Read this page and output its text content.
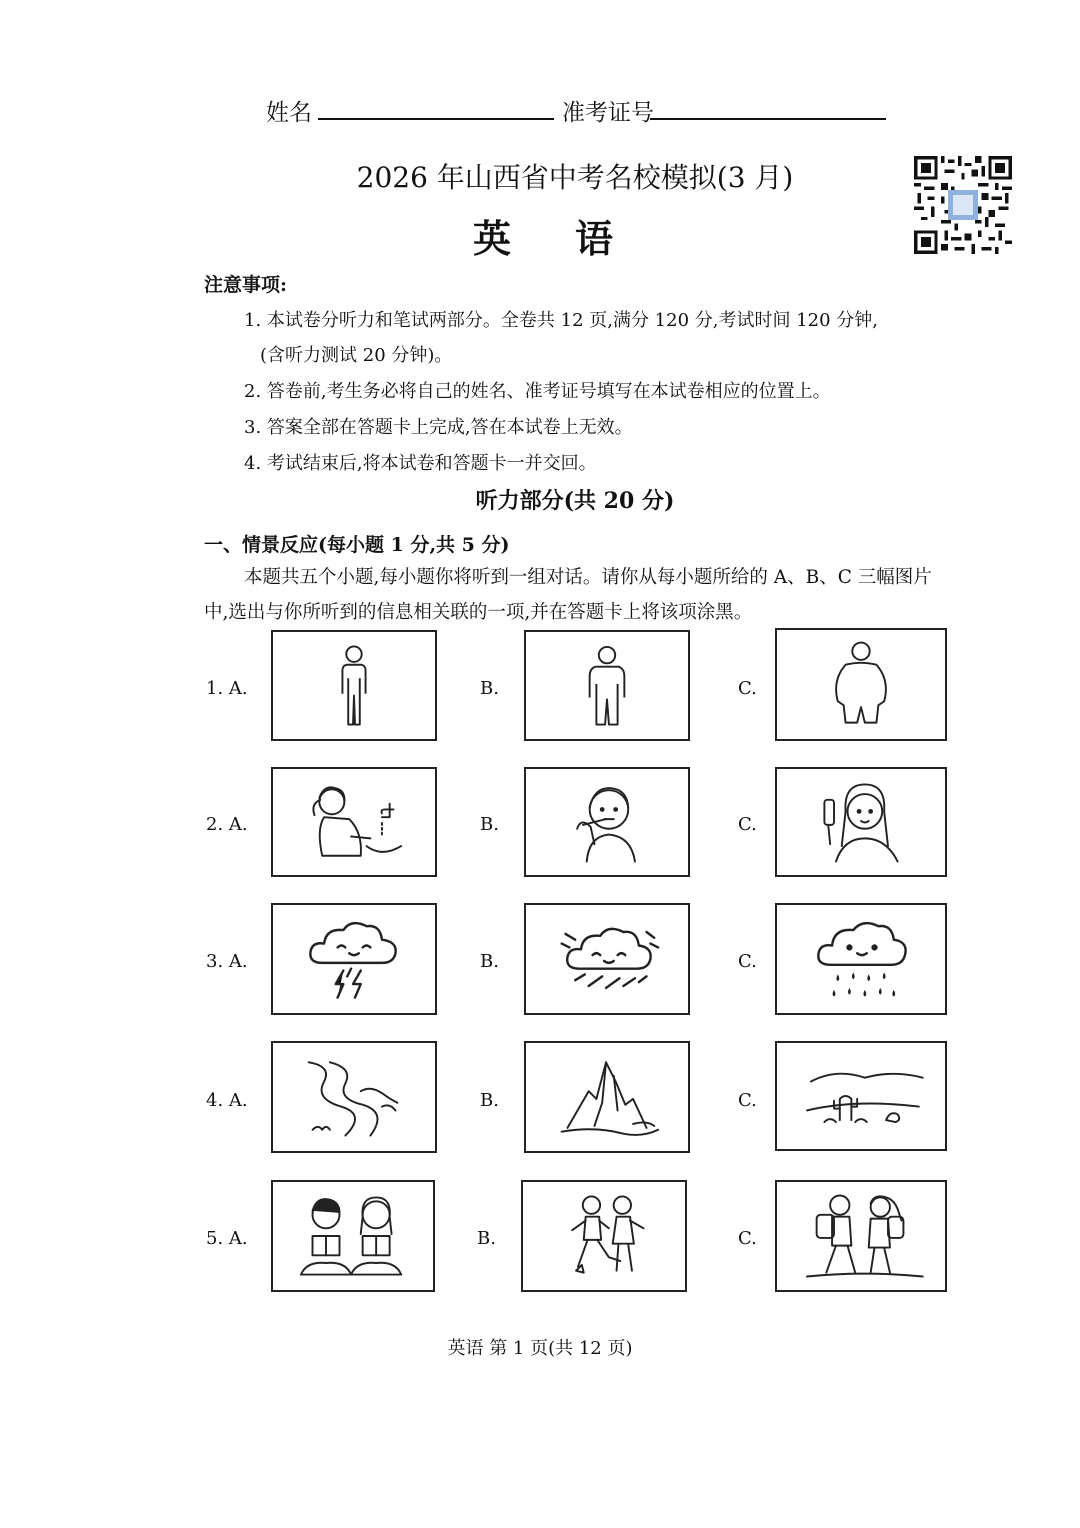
姓名	准考证号
2026 年山西省中考名校模拟(3 月)
英语
注意事项:
1. 本试卷分听力和笔试两部分。全卷共 12 页,满分 120 分,考试时间 120 分钟,
(含听力测试 20 分钟)。
2. 答卷前,考生务必将自己的姓名、准考证号填写在本试卷相应的位置上。
3. 答案全部在答题卡上完成,答在本试卷上无效。
4. 考试结束后,将本试卷和答题卡一并交回。
听力部分(共 20 分)
一、情景反应(每小题 1 分,共 5 分)
本题共五个小题,每小题你将听到一组对话。请你从每小题所给的 A、B、C 三幅图片中,选出与你所听到的信息相关联的一项,并在答题卡上将该项涂黑。
1. A.	B.	C.
2. A.	B.	C.
3. A.	B.	C.
4. A.	B.	C.
5. A.	B.	C.
英语 第 1 页(共 12 页)
